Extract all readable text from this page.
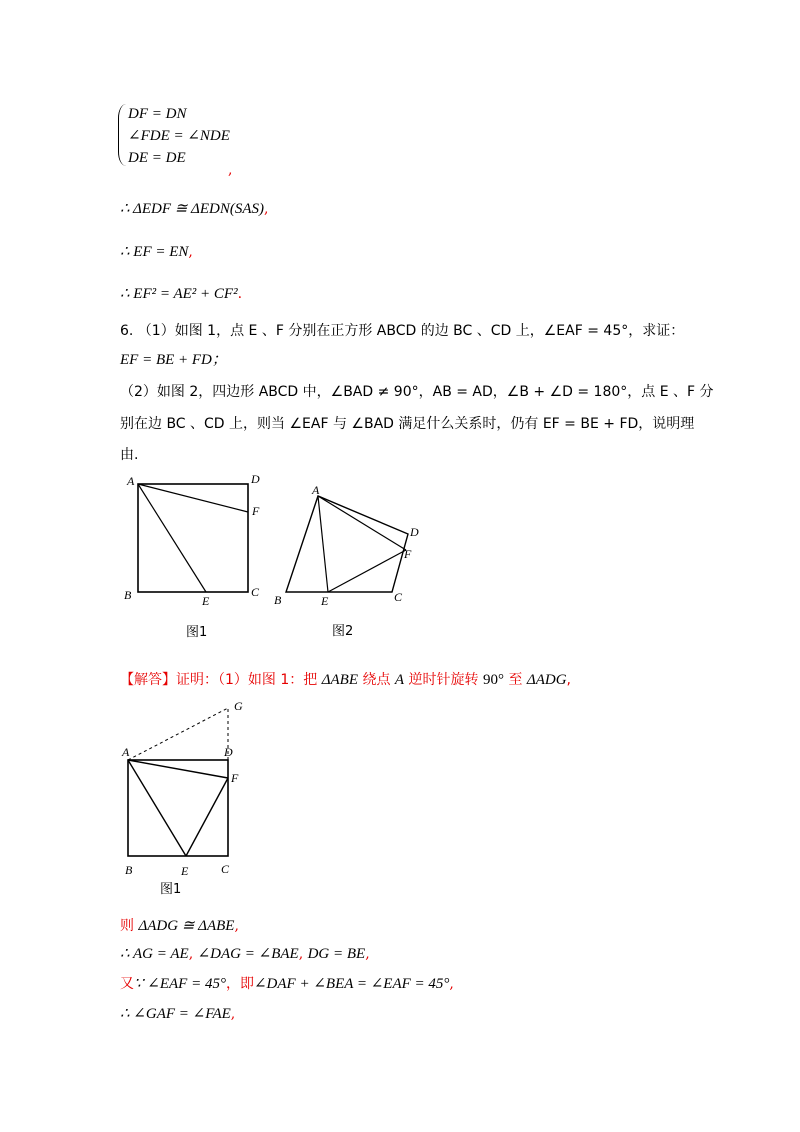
DF = DN
∠FDE = ∠NDE
DE = DE
,
∴ ΔEDF ≅ ΔEDN(SAS),
∴ EF = EN,
∴ EF² = AE² + CF².
6. （1）如图 1，点 E 、F 分别在正方形 ABCD 的边 BC 、CD 上，∠EAF = 45°，求证：
EF = BE + FD；
（2）如图 2，四边形 ABCD 中，∠BAD ≠ 90°，AB = AD，∠B + ∠D = 180°，点 E 、F 分
别在边 BC 、CD 上，则当 ∠EAF 与 ∠BAD 满足什么关系时，仍有 EF = BE + FD，说明理
由.
A	D
F
B	E
C
图1
A
D
F
B	E	C
图2
【解答】证明：（1）如图 1：把 ΔABE 绕点 A 逆时针旋转 90° 至 ΔADG,
G
A	D
F
B	E	C
图1
则 ΔADG ≅ ΔABE,
∴ AG = AE, ∠DAG = ∠BAE, DG = BE,
又∵ ∠EAF = 45°，即∠DAF + ∠BEA = ∠EAF = 45°,
∴ ∠GAF = ∠FAE,
